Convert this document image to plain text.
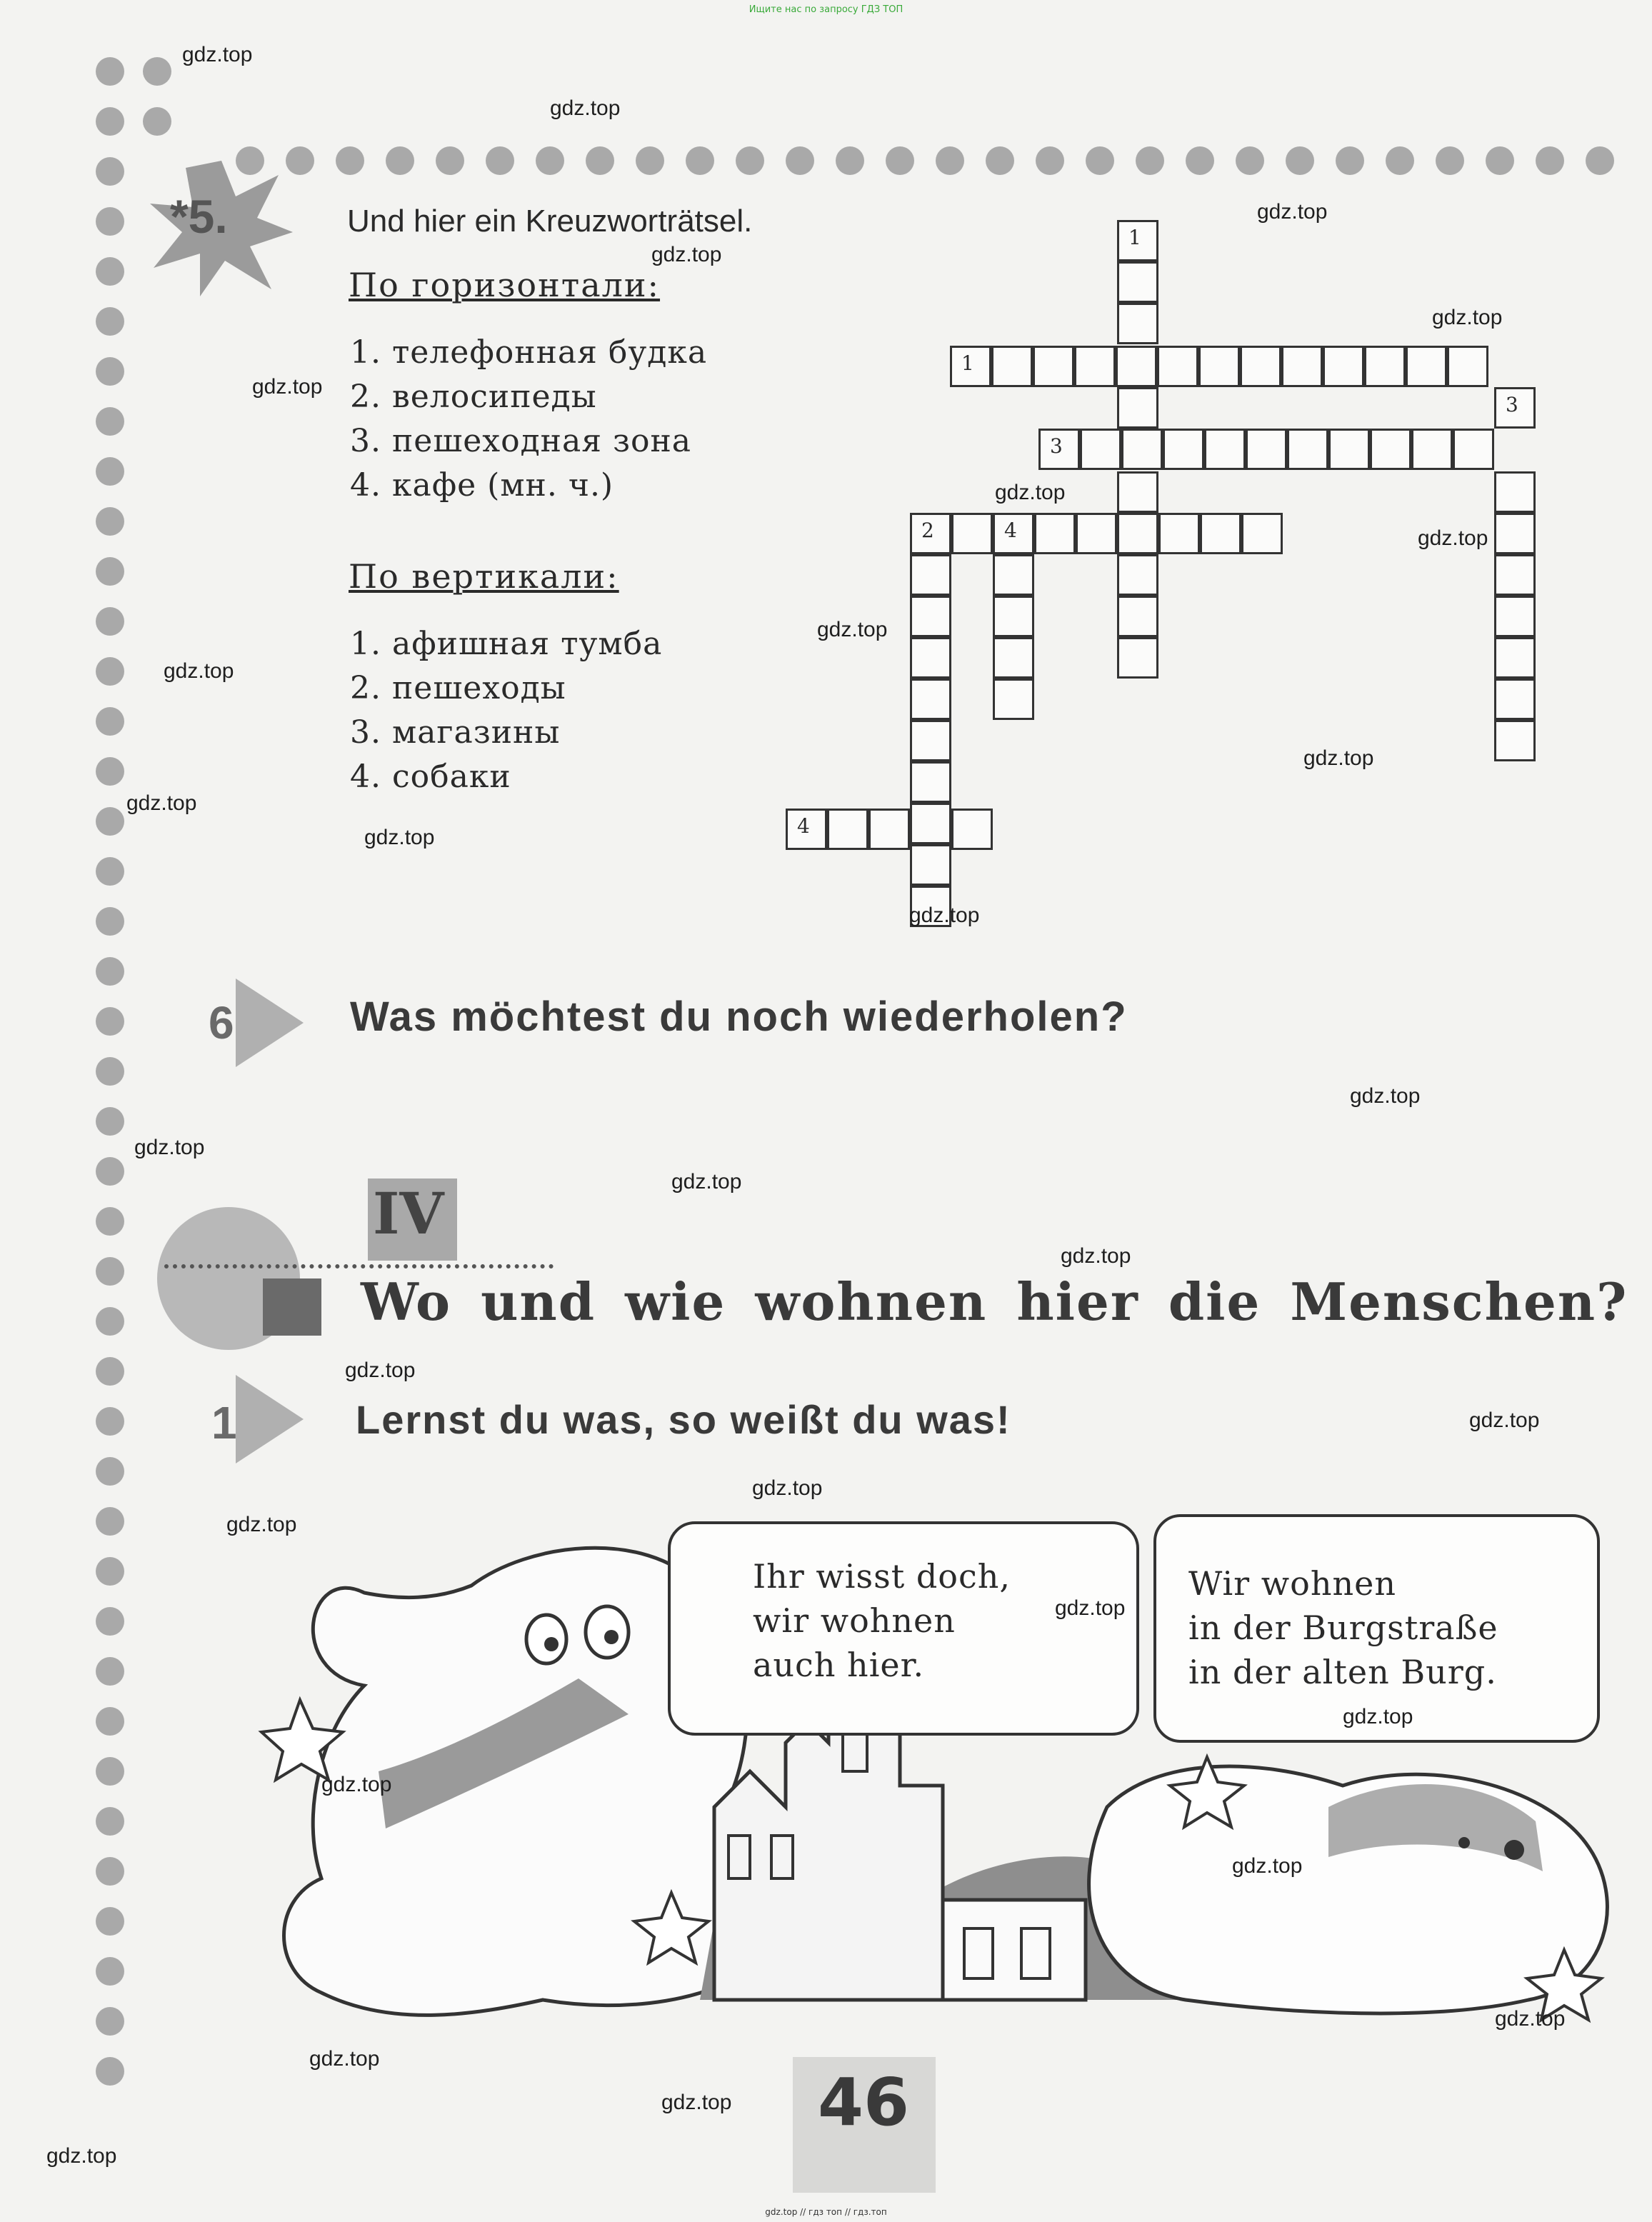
Ищите нас по запросу ГДЗ ТОП
*5.	Und hier ein Kreuzworträtsel.
По горизонтали:
1. телефонная будка
2. велосипеды
3. пешеходная зона
4. кафе (мн. ч.)
По вертикали:
1. афишная тумба
2. пешеходы
3. магазины
4. собаки
1
1
3
3
2	4
4
6	Was möchtest du noch wiederholen?
IV
Wo und wie wohnen hier die Menschen?
1	Lernst du was, so weißt du was!
Ihr wisst doch,
wir wohnen
auch hier.
Wir wohnen
in der Burgstraße
in der alten Burg.
46
gdz.top
gdz.top
gdz.top
gdz.top
gdz.top
gdz.top
gdz.top
gdz.top
gdz.top
gdz.top
gdz.top
gdz.top
gdz.top
gdz.top
gdz.top
gdz.top
gdz.top
gdz.top
gdz.top
gdz.top
gdz.top
gdz.top
gdz.top
gdz.top
gdz.top
gdz.top
gdz.top
gdz.top
gdz.top
gdz.top
gdz.top // гдз топ // гдз.топ
